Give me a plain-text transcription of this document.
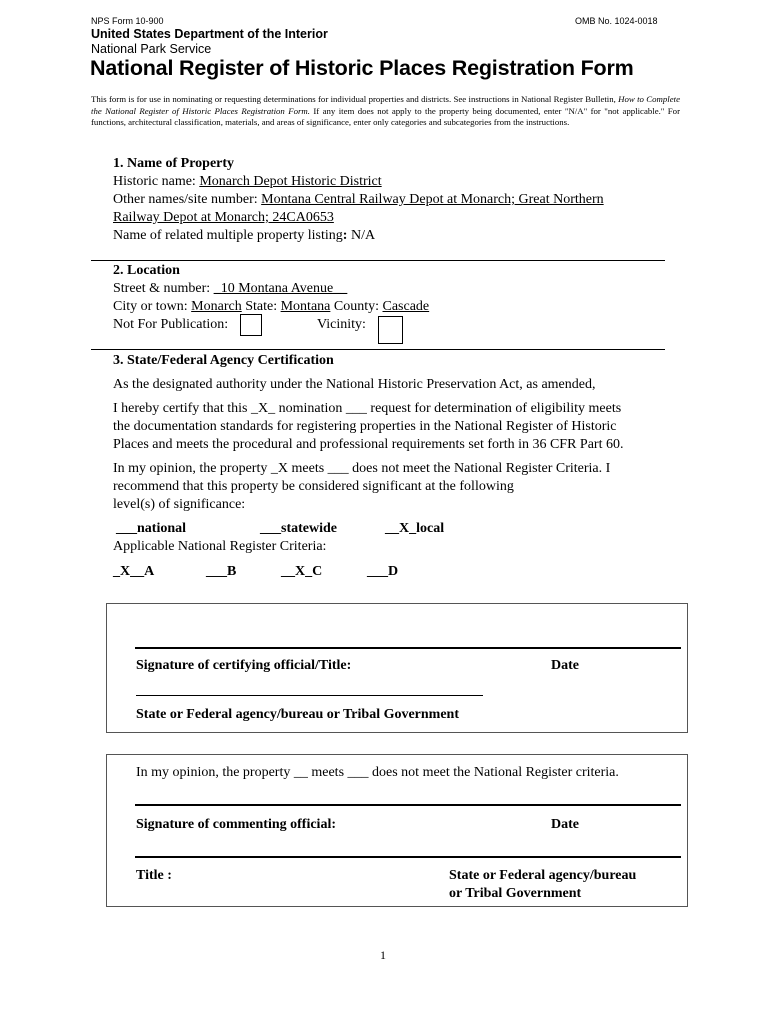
NPS Form 10-900	OMB No. 1024-0018
United States Department of the Interior
National Park Service
National Register of Historic Places Registration Form
This form is for use in nominating or requesting determinations for individual properties and districts. See instructions in National Register Bulletin, How to Complete the National Register of Historic Places Registration Form. If any item does not apply to the property being documented, enter "N/A" for "not applicable." For functions, architectural classification, materials, and areas of significance, enter only categories and subcategories from the instructions.
1. Name of Property
Historic name: Monarch Depot Historic District
Other names/site number: Montana Central Railway Depot at Monarch; Great Northern
Railway Depot at Monarch; 24CA0653
Name of related multiple property listing: N/A
2. Location
Street & number: _10 Montana Avenue__
City or town: Monarch State: Montana County: Cascade
Not For Publication:	Vicinity:
3. State/Federal Agency Certification
As the designated authority under the National Historic Preservation Act, as amended,
I hereby certify that this _X_ nomination ___ request for determination of eligibility meets
the documentation standards for registering properties in the National Register of Historic
Places and meets the procedural and professional requirements set forth in 36 CFR Part 60.
In my opinion, the property _X meets ___ does not meet the National Register Criteria. I
recommend that this property be considered significant at the following
level(s) of significance:
___national	___statewide	__X_local
Applicable National Register Criteria:
_X__A	___B	__X_C	___D
Signature of certifying official/Title:	Date
State or Federal agency/bureau or Tribal Government
In my opinion, the property __ meets ___ does not meet the National Register criteria.
Signature of commenting official:	Date
Title :	State or Federal agency/bureau
or Tribal Government
1
